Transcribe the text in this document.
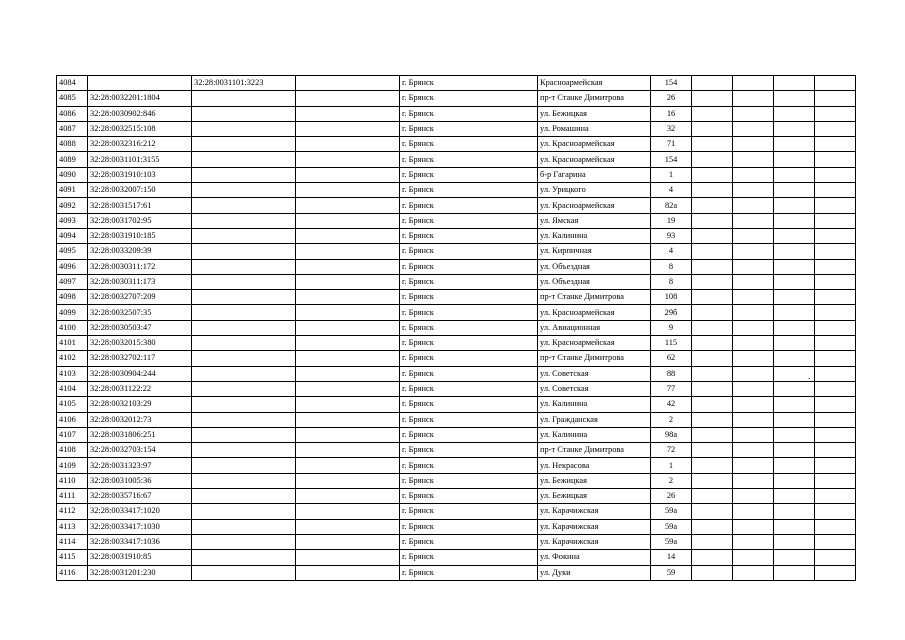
4084		32:28:0031101:3223		г. Брянск	Красноармейская	154				
4085	32:28:0032201:1804			г. Брянск	пр-т Станке Димитрова	26				
4086	32:28:0030902:846			г. Брянск	ул. Бежицкая	16				
4087	32:28:0032515:108			г. Брянск	ул. Ромашина	32				
4088	32:28:0032316:212			г. Брянск	ул. Красноармейская	71				
4089	32:28:0031101:3155			г. Брянск	ул. Красноармейская	154				
4090	32:28:0031910:103			г. Брянск	б-р Гагарина	1				
4091	32:28:0032007:150			г. Брянск	ул. Урицкого	4				
4092	32:28:0031517:61			г. Брянск	ул. Красноармейская	82а				
4093	32:28:0031702:95			г. Брянск	ул. Ямская	19				
4094	32:28:0031910:185			г. Брянск	ул. Калинина	93				
4095	32:28:0033209:39			г. Брянск	ул. Кирпичная	4				
4096	32:28:0030311:172			г. Брянск	ул. Объездная	8				
4097	32:28:0030311:173			г. Брянск	ул. Объездная	8				
4098	32:28:0032707:209			г. Брянск	пр-т Станке Димитрова	108				
4099	32:28:0032507:35			г. Брянск	ул. Красноармейская	29б				
4100	32:28:0030503:47			г. Брянск	ул. Авиационная	9				
4101	32:28:0032015:380			г. Брянск	ул. Красноармейская	115				
4102	32:28:0032702:117			г. Брянск	пр-т Станке Димитрова	62				
4103	32:28:0030904:244			г. Брянск	ул. Советская	88				
4104	32:28:0031122:22			г. Брянск	ул. Советская	77				
4105	32:28:0032103:29			г. Брянск	ул. Калинина	42				
4106	32:28:0032012:73			г. Брянск	ул. Гражданская	2				
4107	32:28:0031806:251			г. Брянск	ул. Калинина	98а				
4108	32:28:0032703:154			г. Брянск	пр-т Станке Димитрова	72				
4109	32:28:0031323:97			г. Брянск	ул. Некрасова	1				
4110	32:28:0031005:36			г. Брянск	ул. Бежицкая	2				
4111	32:28:0035716:67			г. Брянск	ул. Бежицкая	26				
4112	32:28:0033417:1020			г. Брянск	ул. Карачижская	59а				
4113	32:28:0033417:1030			г. Брянск	ул. Карачижская	59а				
4114	32:28:0033417:1036			г. Брянск	ул. Карачижская	59а				
4115	32:28:0031910:85			г. Брянск	ул. Фокина	14				
4116	32:28:0031201:230			г. Брянск	ул. Дуки	59				
.
